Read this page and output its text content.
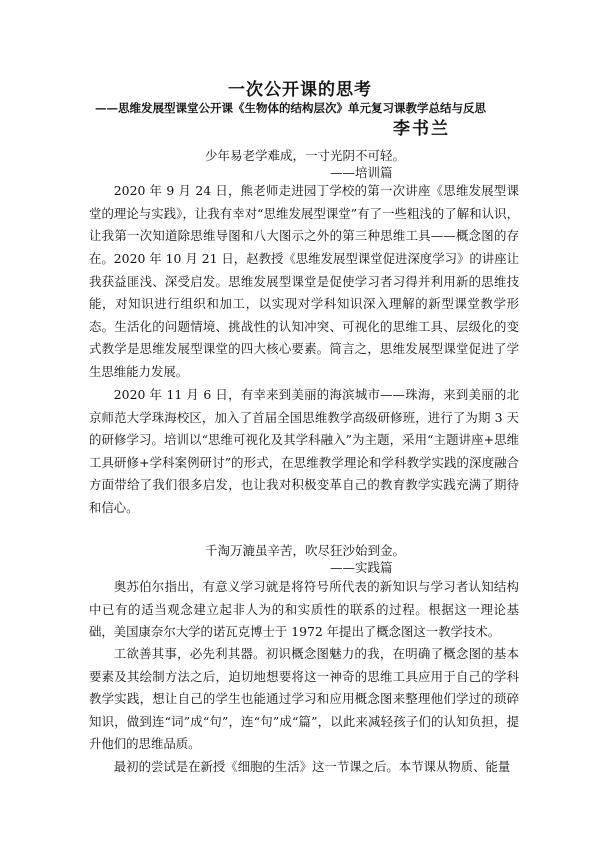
一次公开课的思考
——思维发展型课堂公开课《生物体的结构层次》单元复习课教学总结与反思
李书兰
少年易老学难成，一寸光阴不可轻。
——培训篇

2020 年 9 月 24 日，熊老师走进园丁学校的第一次讲座《思维发展型课堂的理论与实践》，让我有幸对“思维发展型课堂”有了一些粗浅的了解和认识，让我第一次知道除思维导图和八大图示之外的第三种思维工具——概念图的存在。 2020 年 10 月 21 日，赵教授《思维发展型课堂促进深度学习》的讲座让我获益匪浅、深受启发。思维发展型课堂是促使学习者习得并利用新的思维技能，对知识进行组织和加工，以实现对学科知识深入理解的新型课堂教学形态。生活化的问题情境、挑战性的认知冲突、可视化的思维工具、层级化的变式教学是思维发展型课堂的四大核心要素。简言之，思维发展型课堂促进了学生思维能力发展。

2020 年 11 月 6 日，有幸来到美丽的海滨城市——珠海，来到美丽的北京师范大学珠海校区，加入了首届全国思维教学高级研修班，进行了为期 3 天的研修学习。培训以“思维可视化及其学科融入”为主题，采用“主题讲座+思维工具研修+学科案例研讨”的形式，在思维教学理论和学科教学实践的深度融合方面带给了我们很多启发，也让我对积极变革自己的教育教学实践充满了期待和信心。

千淘万漉虽辛苦，吹尽狂沙始到金。
——实践篇

奥苏伯尔指出，有意义学习就是将符号所代表的新知识与学习者认知结构中已有的适当观念建立起非人为的和实质性的联系的过程。根据这一理论基础，美国康奈尔大学的诺瓦克博士于 1972 年提出了概念图这一教学技术。

工欲善其事，必先利其器。初识概念图魅力的我，在明确了概念图的基本要素及其绘制方法之后，迫切地想要将这一神奇的思维工具应用于自己的学科教学实践，想让自己的学生也能通过学习和应用概念图来整理他们学过的琐碎知识，做到连“词”成“句”，连“句”成“篇”，以此来减轻孩子们的认知负担，提升他们的思维品质。

最初的尝试是在新授《细胞的生活》这一节课之后。本节课从物质、能量
